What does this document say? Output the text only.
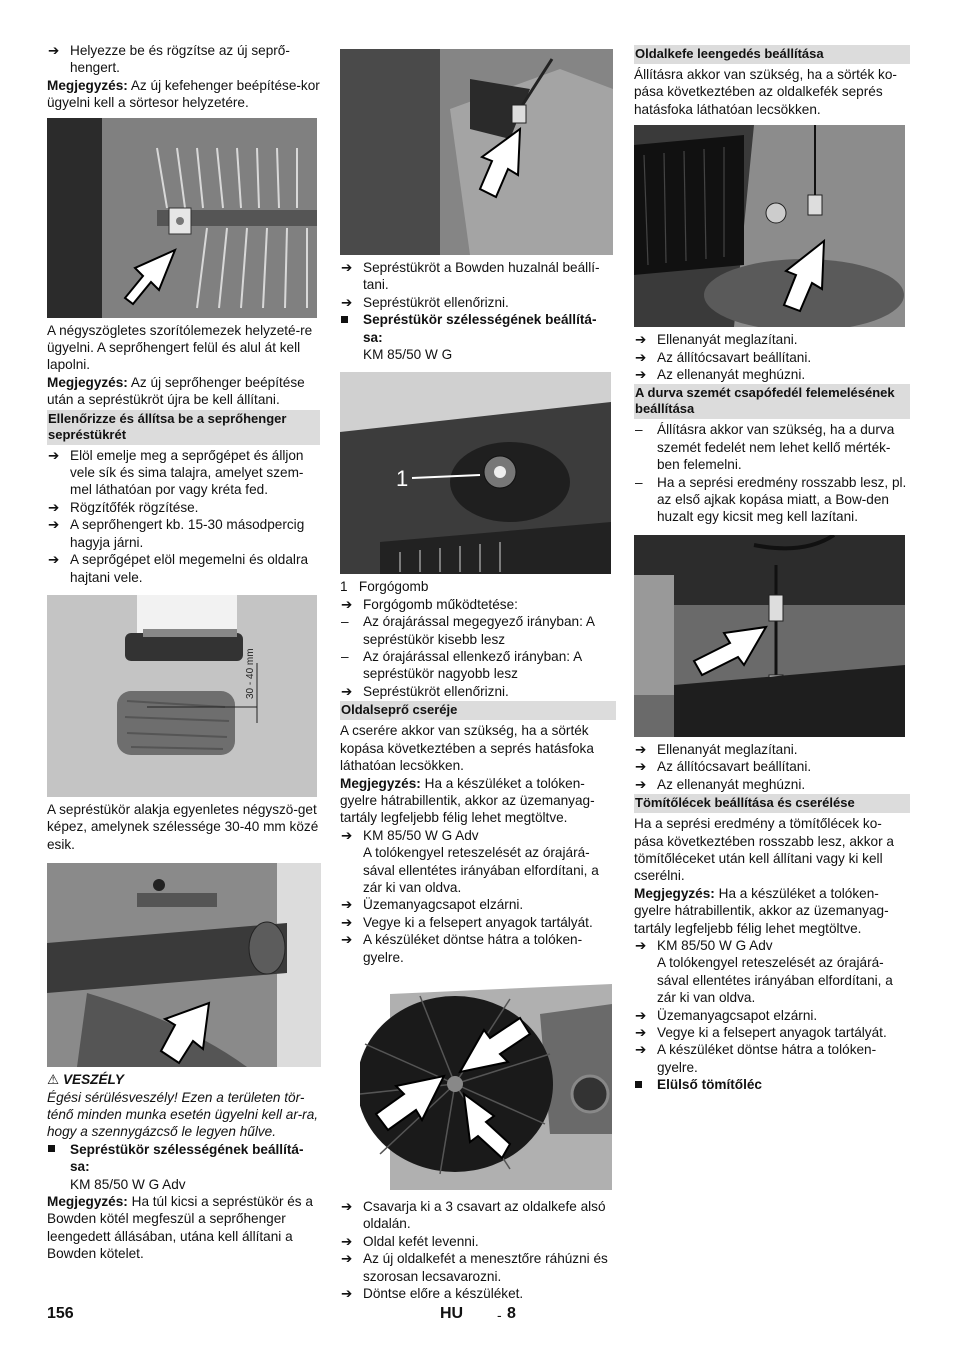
➔ Helyezze be és rögzítse az új seprő-hengert.

Megjegyzés: Az új kefehenger beépítése-kor ügyelni kell a sörtesor helyzetére.

A négyszögletes szorítólemezek helyzeté-re ügyelni. A seprőhengert felül és alul át kell lapolni.

Megjegyzés: Az új seprőhenger beépítése után a sepréstükröt újra be kell állítani.

Ellenőrizze és állítsa be a seprőhenger sepréstükrét
➔ Elöl emelje meg a seprőgépet és álljon vele sík és sima talajra, amelyet szem-mel láthatóan por vagy kréta fed.
➔ Rögzítőfék rögzítése.
➔ A seprőhengert kb. 15-30 másodpercig hagyja járni.
➔ A seprőgépet elöl megemelni és oldalra hajtani vele.
30 - 40 mm

A sepréstükör alakja egyenletes négyszö-get képez, amelynek szélessége 30-40 mm közé esik.

⚠ VESZÉLY

Égési sérülésveszély! Ezen a területen tör-ténő minden munka esetén ügyelni kell ar-ra, hogy a szennygázcső le legyen hűlve.

Sepréstükör szélességének beállítá-sa:
KM 85/50 W G Adv

Megjegyzés: Ha túl kicsi a sepréstükör és a Bowden kötél megfeszül a seprőhenger leengedett állásában, utána kell állítani a Bowden kötelet.

➔ Sepréstükröt a Bowden huzalnál beállí-tani.
➔ Sepréstükröt ellenőrizni.
Sepréstükör szélességének beállítá-sa:
KM 85/50 W G
1
1 Forgógomb
➔ Forgógomb működtetése:
–	Az órajárással megegyező irányban: A sepréstükör kisebb lesz
–	Az órajárással ellenkező irányban: A sepréstükör nagyobb lesz
➔ Sepréstükröt ellenőrizni.
Oldalseprő cseréje

A cserére akkor van szükség, ha a sörték kopása következtében a seprés hatásfoka láthatóan lecsökken.

Megjegyzés: Ha a készüléket a tolóken-gyelre hátrabillentik, akkor az üzemanyag-tartály legfeljebb félig lehet megtöltve.

➔ KM 85/50 W G Adv
A tolókengyel reteszelését az órajárá-sával ellentétes irányában elfordítani, a zár ki van oldva.
➔ Üzemanyagcsapot elzárni.
➔ Vegye ki a felsepert anyagok tartályát.
➔ A készüléket döntse hátra a tolóken-gyelre.
➔ Csavarja ki a 3 csavart az oldalkefe alsó oldalán.
➔ Oldal kefét levenni.
➔ Az új oldalkefét a menesztőre ráhúzni és szorosan lecsavarozni.
➔ Döntse előre a készüléket.
Oldalkefe leengedés beállítása

Állításra akkor van szükség, ha a sörték ko-pása következtében az oldalkefék seprés hatásfoka láthatóan lecsökken.

➔ Ellenanyát meglazítani.
➔ Az állítócsavart beállítani.
➔ Az ellenanyát meghúzni.
A durva szemét csapófedél felemelésének beállítása
–	Állításra akkor van szükség, ha a durva szemét fedelét nem lehet kellő mérték-ben felemelni.
–	Ha a seprési eredmény rosszabb lesz, pl. az első ajkak kopása miatt, a Bow-den huzalt egy kicsit meg kell lazítani.
➔ Ellenanyát meglazítani.
➔ Az állítócsavart beállítani.
➔ Az ellenanyát meghúzni.
Tömítőlécek beállítása és cserélése

Ha a seprési eredmény a tömítőlécek ko-pása következtében rosszabb lesz, akkor a tömítőléceket után kell állítani vagy ki kell cserélni.

Megjegyzés: Ha a készüléket a tolóken-gyelre hátrabillentik, akkor az üzemanyag-tartály legfeljebb félig lehet megtöltve.

➔ KM 85/50 W G Adv
A tolókengyel reteszelését az órajárá-sával ellentétes irányában elfordítani, a zár ki van oldva.
➔ Üzemanyagcsapot elzárni.
➔ Vegye ki a felsepert anyagok tartályát.
➔ A készüléket döntse hátra a tolóken-gyelre.
Elülső tömítőléc
156	HU - 8
